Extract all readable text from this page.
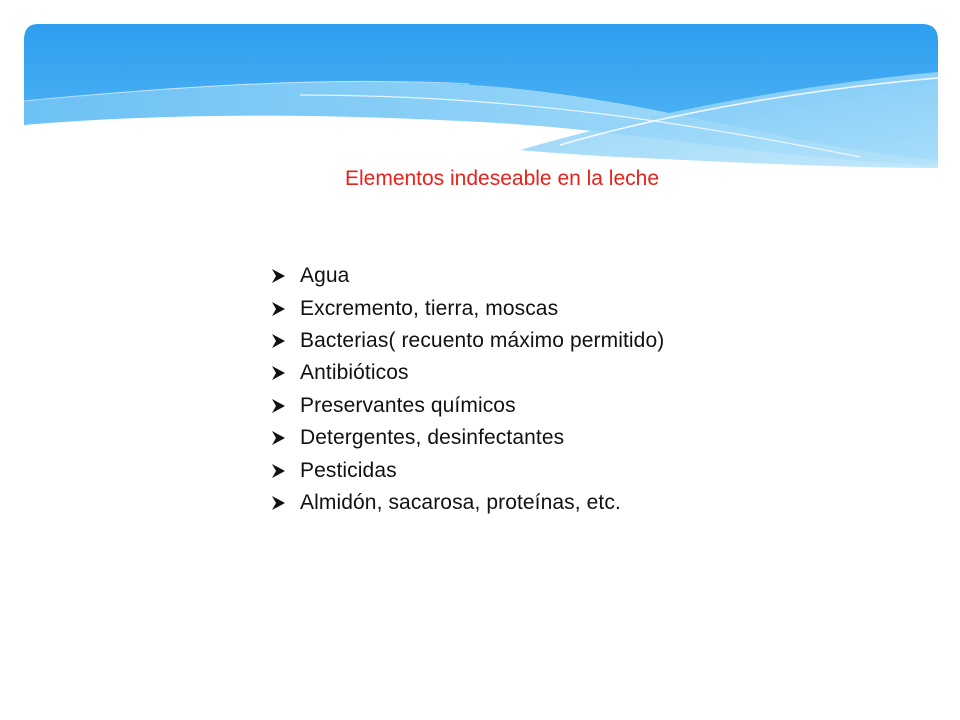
Elementos indeseable en la leche
Agua
Excremento, tierra, moscas
Bacterias( recuento máximo permitido)
Antibióticos
Preservantes químicos
Detergentes, desinfectantes
Pesticidas
Almidón, sacarosa, proteínas, etc.
